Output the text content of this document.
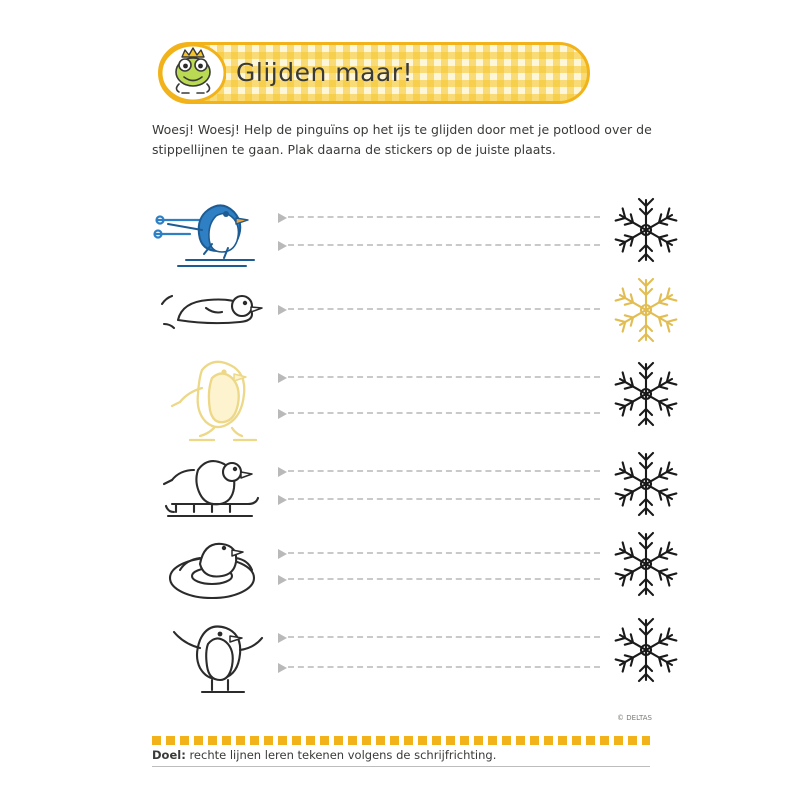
Glijden maar!
Woesj! Woesj! Help de pinguïns op het ijs te glijden door met je potlood over de
stippellijnen te gaan. Plak daarna de stickers op de juiste plaats.
© DELTAS
Doel: rechte lijnen leren tekenen volgens de schrijfrichting.
